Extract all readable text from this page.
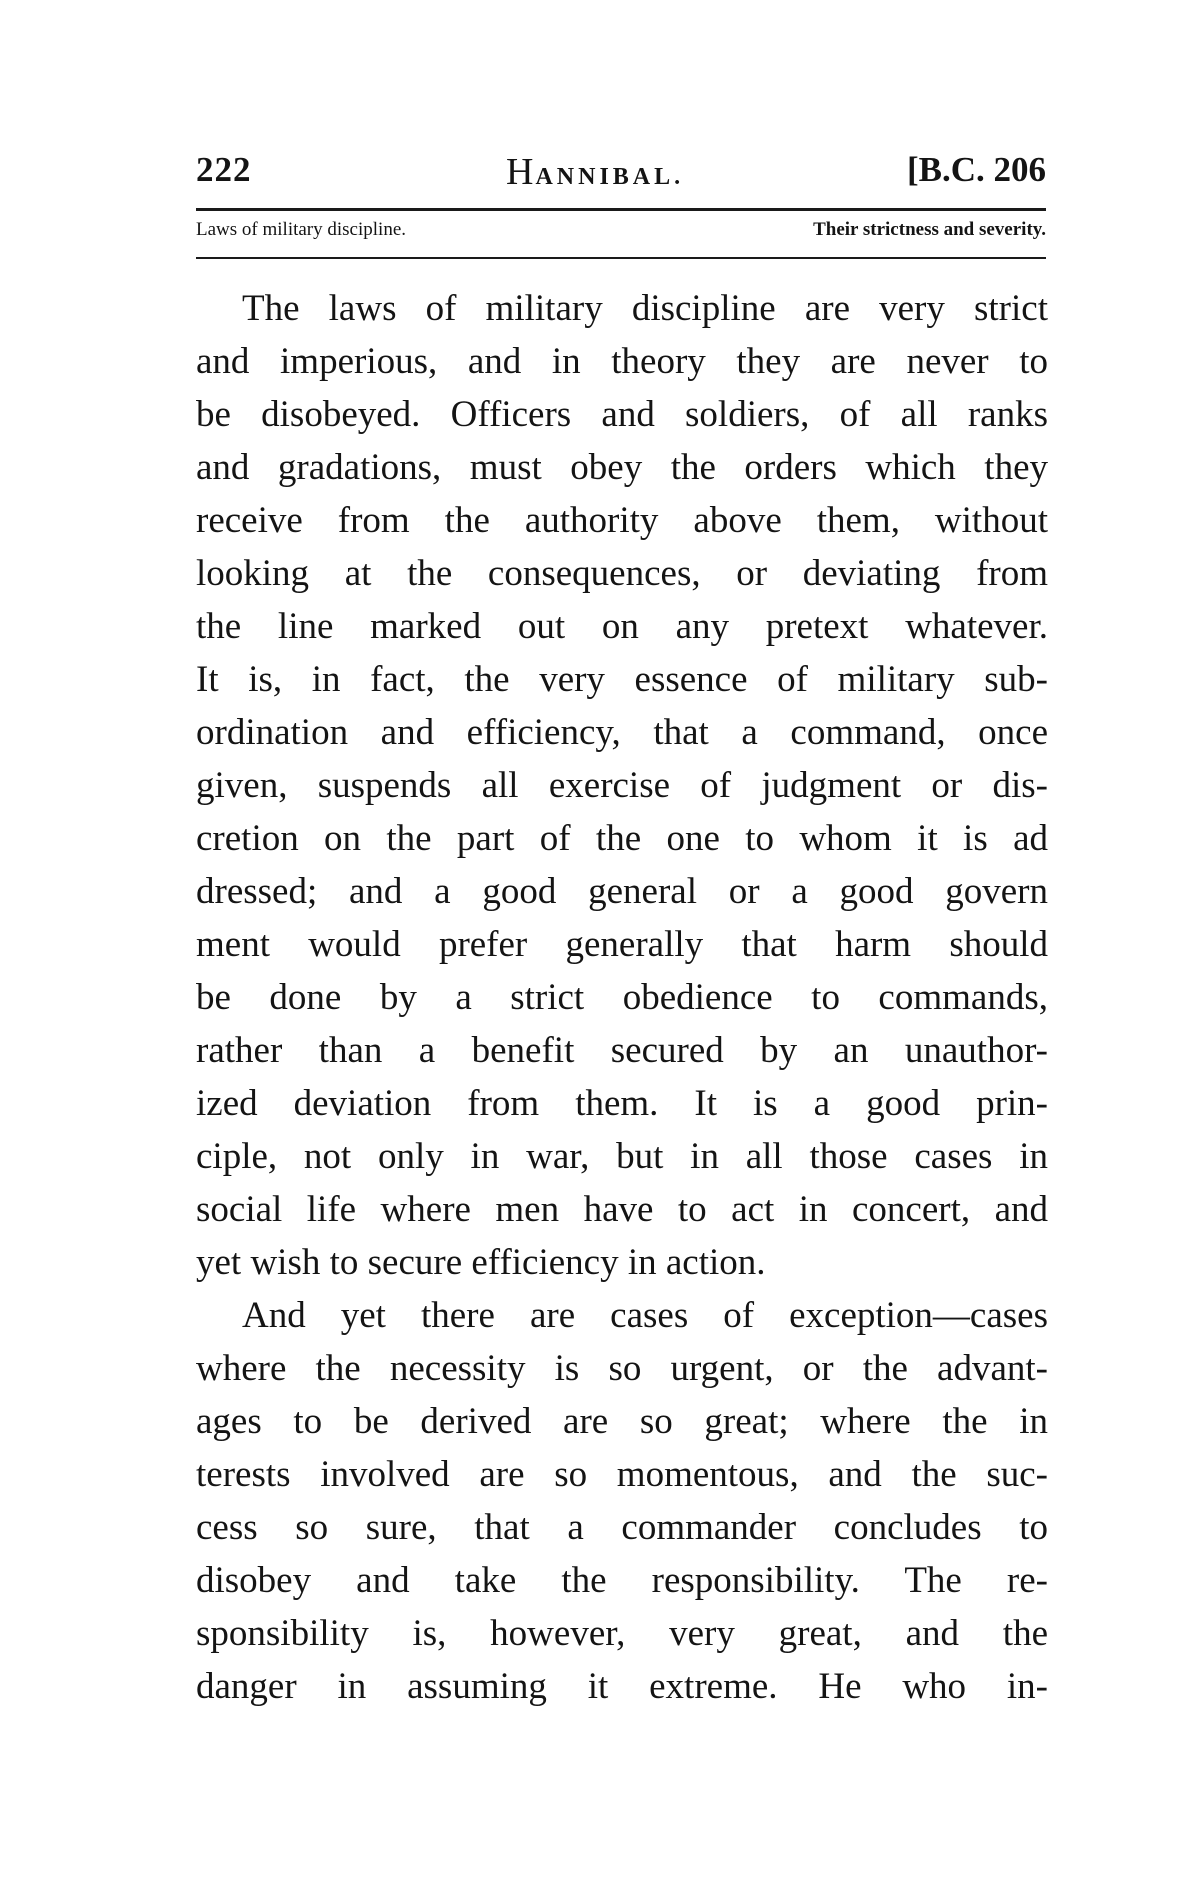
222	HANNIBAL.	[B.C. 206
Laws of military discipline.	Their strictness and severity.
The laws of military discipline are very strict
and imperious, and in theory they are never to
be disobeyed. Officers and soldiers, of all ranks
and gradations, must obey the orders which they
receive from the authority above them, without
looking at the consequences, or deviating from
the line marked out on any pretext whatever.
It is, in fact, the very essence of military sub-
ordination and efficiency, that a command, once
given, suspends all exercise of judgment or dis-
cretion on the part of the one to whom it is ad
dressed; and a good general or a good govern
ment would prefer generally that harm should
be done by a strict obedience to commands,
rather than a benefit secured by an unauthor-
ized deviation from them. It is a good prin-
ciple, not only in war, but in all those cases in
social life where men have to act in concert, and
yet wish to secure efficiency in action.
And yet there are cases of exception—cases
where the necessity is so urgent, or the advant-
ages to be derived are so great; where the in
terests involved are so momentous, and the suc-
cess so sure, that a commander concludes to
disobey and take the responsibility. The re-
sponsibility is, however, very great, and the
danger in assuming it extreme. He who in-
